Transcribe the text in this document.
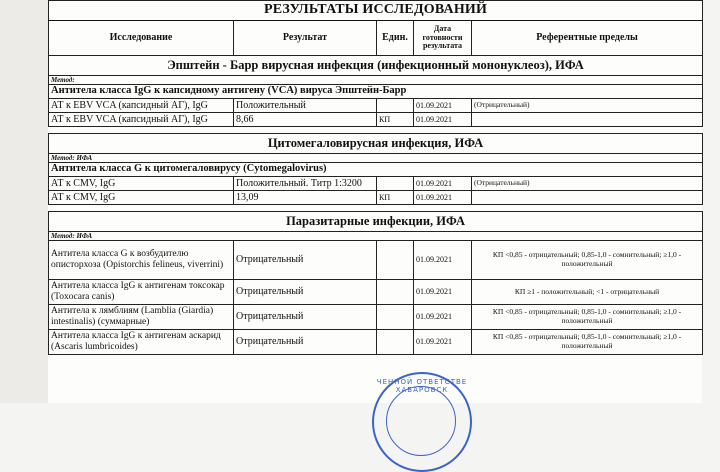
РЕЗУЛЬТАТЫ ИССЛЕДОВАНИЙ				
Исследование	Результат	Един.	Дата готовности результата	Референтные пределы
Эпштейн - Барр вирусная инфекция (инфекционный мононуклеоз), ИФА				
Метод:				
Антитела класса IgG к капсидному антигену (VCA) вируса Эпштейн-Барр				
АТ к EBV VCA (капсидный АГ), IgG	Положительный		01.09.2021	(Отрицательный)
АТ к EBV VCA (капсидный АГ), IgG	8,66	КП	01.09.2021	

Цитомегаловирусная инфекция, ИФА				
Метод: ИФА				
Антитела класса G к цитомегаловирусу (Cytomegalovirus)				
АТ к CMV, IgG	Положительный. Титр 1:3200		01.09.2021	(Отрицательный)
АТ к CMV, IgG	13,09	КП	01.09.2021	

Паразитарные инфекции, ИФА				
Метод: ИФА				
Антитела класса G к возбудителю описторхоза (Opistorchis felineus, viverrini)	Отрицательный		01.09.2021	КП <0,85 - отрицательный; 0,85-1,0 - сомнительный; ≥1,0 - положительный
Антитела класса IgG к антигенам токсокар (Toxocara canis)	Отрицательный		01.09.2021	КП ≥1 - положительный; <1 - отрицательный
Антитела к лямблиям (Lamblia (Giardia) intestinalis) (суммарные)	Отрицательный		01.09.2021	КП <0,85 - отрицательный; 0,85-1,0 - сомнительный; ≥1,0 - положительный
Антитела класса IgG к антигенам аскарид (Ascaris lumbricoides)	Отрицательный		01.09.2021	КП <0,85 - отрицательный; 0,85-1,0 - сомнительный; ≥1,0 - положительный
ЧЕННОЙ ОТВЕТСТВЕ ХАБАРОВСК
